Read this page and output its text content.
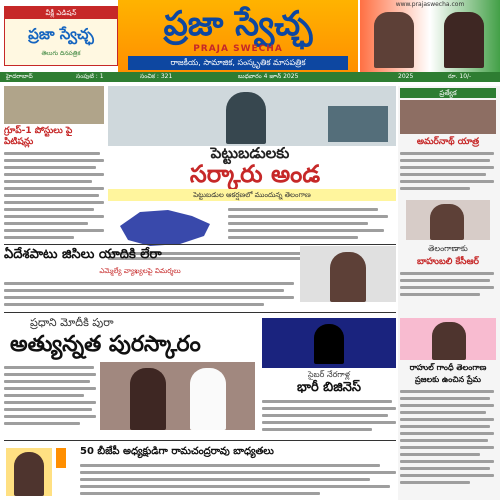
వీక్లీ ఎడిషన్
ప్రజా స్వేచ్ఛ
తెలుగు దినపత్రిక
ప్రజా స్వేచ్ఛ
PRAJA SWECHA
రాజకీయ, సామాజిక, సంస్కృతిక మాసపత్రిక
www.prajaswecha.com
హైదరాబాద్	సంపుటి : 1	సంచిక : 321	బుధవారం 4 జూన్ 2025	2025	రూ. 10/-
గ్రూప్-1 పోస్టులు పై పిటిషన్లు
పెట్టుబడులకు
సర్కారు అండ
పెట్టుబడుల ఆకర్షణలో ముందున్న తెలంగాణ
ఏదేశపాటు జిసిలు యాదికి లేరా
ఎమ్మెల్యే వ్యాఖ్యలపై విమర్శలు
ప్రధాని మోదీకి పురా
అత్యున్నత పురస్కారం
సైబర్ నేరగాళ్ల
భారీ బిజినెస్
50 బీజేపీ అధ్యక్షుడిగా రామచంద్రరావు బాధ్యతలు
ప్రత్యేక
అమర్‌నాథ్ యాత్ర
తెలంగాణాకు
బాహుబలి కేసీఆర్
రాహుల్ గాంధీ తెలంగాణ ప్రజలకు ఉంచిన ప్రేమ
